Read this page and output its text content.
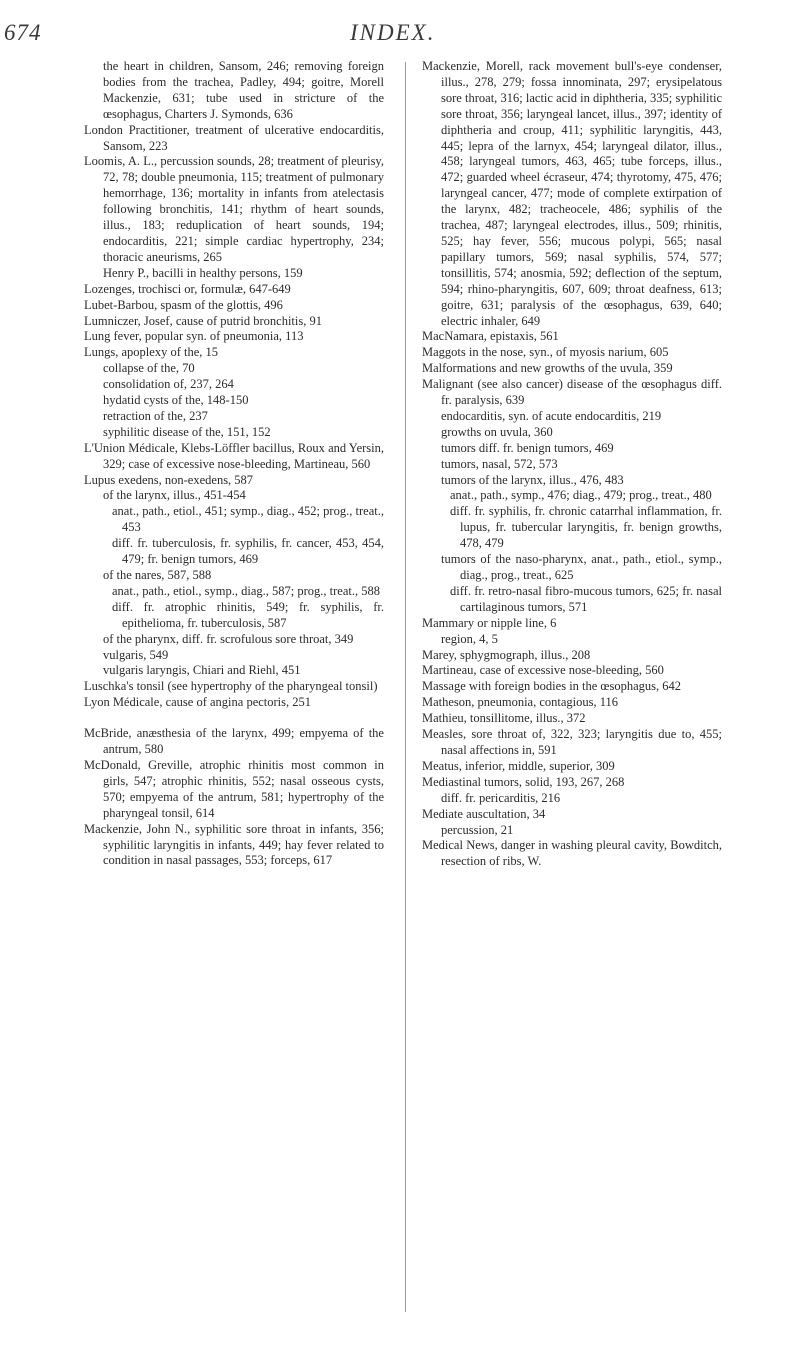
674	INDEX.

the heart in children, Sansom, 246; removing foreign bodies from the trachea, Padley, 494; goitre, Morell Mackenzie, 631; tube used in stricture of the œsophagus, Charters J. Symonds, 636

London Practitioner, treatment of ulcerative endocarditis, Sansom, 223

Loomis, A. L., percussion sounds, 28; treatment of pleurisy, 72, 78; double pneumonia, 115; treatment of pulmonary hemorrhage, 136; mortality in infants from atelectasis following bronchitis, 141; rhythm of heart sounds, illus., 183; reduplication of heart sounds, 194; endocarditis, 221; simple cardiac hypertrophy, 234; thoracic aneurisms, 265

Henry P., bacilli in healthy persons, 159

Lozenges, trochisci or, formulæ, 647-649

Lubet-Barbou, spasm of the glottis, 496

Lumniczer, Josef, cause of putrid bronchitis, 91

Lung fever, popular syn. of pneumonia, 113

Lungs, apoplexy of the, 15

collapse of the, 70

consolidation of, 237, 264

hydatid cysts of the, 148-150

retraction of the, 237

syphilitic disease of the, 151, 152

L'Union Médicale, Klebs-Löffler bacillus, Roux and Yersin, 329; case of excessive nose-bleeding, Martineau, 560

Lupus exedens, non-exedens, 587

of the larynx, illus., 451-454

anat., path., etiol., 451; symp., diag., 452; prog., treat., 453

diff. fr. tuberculosis, fr. syphilis, fr. cancer, 453, 454, 479; fr. benign tumors, 469

of the nares, 587, 588

anat., path., etiol., symp., diag., 587; prog., treat., 588

diff. fr. atrophic rhinitis, 549; fr. syphilis, fr. epithelioma, fr. tuberculosis, 587

of the pharynx, diff. fr. scrofulous sore throat, 349

vulgaris, 549

vulgaris laryngis, Chiari and Riehl, 451

Luschka's tonsil (see hypertrophy of the pharyngeal tonsil)

Lyon Médicale, cause of angina pectoris, 251

McBride, anæsthesia of the larynx, 499; empyema of the antrum, 580

McDonald, Greville, atrophic rhinitis most common in girls, 547; atrophic rhinitis, 552; nasal osseous cysts, 570; empyema of the antrum, 581; hypertrophy of the pharyngeal tonsil, 614

Mackenzie, John N., syphilitic sore throat in infants, 356; syphilitic laryngitis in infants, 449; hay fever related to condition in nasal passages, 553; forceps, 617

Mackenzie, Morell, rack movement bull's-eye condenser, illus., 278, 279; fossa innominata, 297; erysipelatous sore throat, 316; lactic acid in diphtheria, 335; syphilitic sore throat, 356; laryngeal lancet, illus., 397; identity of diphtheria and croup, 411; syphilitic laryngitis, 443, 445; lepra of the larnyx, 454; laryngeal dilator, illus., 458; laryngeal tumors, 463, 465; tube forceps, illus., 472; guarded wheel écraseur, 474; thyrotomy, 475, 476; laryngeal cancer, 477; mode of complete extirpation of the larynx, 482; tracheocele, 486; syphilis of the trachea, 487; laryngeal electrodes, illus., 509; rhinitis, 525; hay fever, 556; mucous polypi, 565; nasal papillary tumors, 569; nasal syphilis, 574, 577; tonsillitis, 574; anosmia, 592; deflection of the septum, 594; rhino-pharyngitis, 607, 609; throat deafness, 613; goitre, 631; paralysis of the œsophagus, 639, 640; electric inhaler, 649

MacNamara, epistaxis, 561

Maggots in the nose, syn., of myosis narium, 605

Malformations and new growths of the uvula, 359

Malignant (see also cancer) disease of the œsophagus diff. fr. paralysis, 639

endocarditis, syn. of acute endocarditis, 219

growths on uvula, 360

tumors diff. fr. benign tumors, 469

tumors, nasal, 572, 573

tumors of the larynx, illus., 476, 483

anat., path., symp., 476; diag., 479; prog., treat., 480

diff. fr. syphilis, fr. chronic catarrhal inflammation, fr. lupus, fr. tubercular laryngitis, fr. benign growths, 478, 479

tumors of the naso-pharynx, anat., path., etiol., symp., diag., prog., treat., 625

diff. fr. retro-nasal fibro-mucous tumors, 625; fr. nasal cartilaginous tumors, 571

Mammary or nipple line, 6

region, 4, 5

Marey, sphygmograph, illus., 208

Martineau, case of excessive nose-bleeding, 560

Massage with foreign bodies in the œsophagus, 642

Matheson, pneumonia, contagious, 116

Mathieu, tonsillitome, illus., 372

Measles, sore throat of, 322, 323; laryngitis due to, 455; nasal affections in, 591

Meatus, inferior, middle, superior, 309

Mediastinal tumors, solid, 193, 267, 268

diff. fr. pericarditis, 216

Mediate auscultation, 34

percussion, 21

Medical News, danger in washing pleural cavity, Bowditch, resection of ribs, W.
